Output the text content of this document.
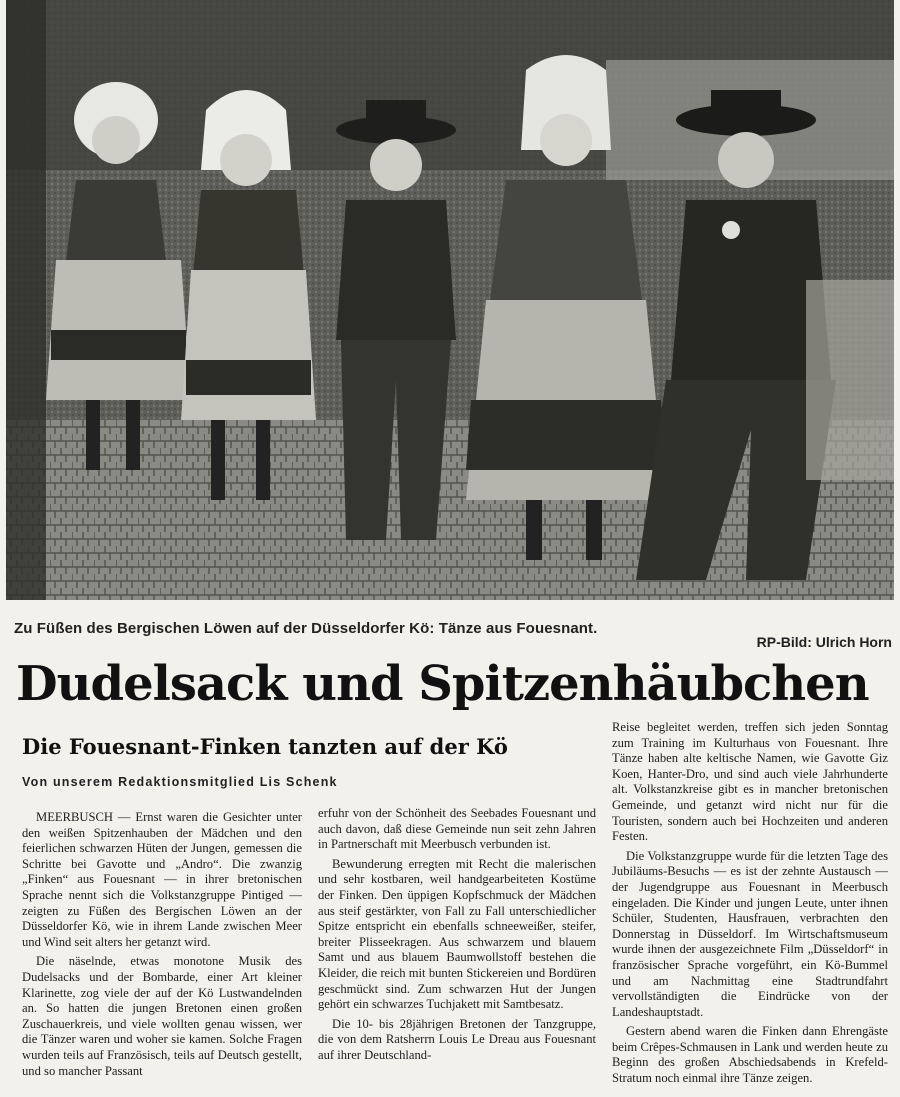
Zu Füßen des Bergischen Löwen auf der Düsseldorfer Kö: Tänze aus Fouesnant.
RP-Bild: Ulrich Horn
Dudelsack und Spitzenhäubchen
Die Fouesnant-Finken tanzten auf der Kö
Von unserem Redaktionsmitglied Lis Schenk

MEERBUSCH — Ernst waren die Gesichter unter den weißen Spitzenhauben der Mädchen und den feierlichen schwarzen Hüten der Jungen, gemessen die Schritte bei Gavotte und „Andro“. Die zwanzig „Finken“ aus Fouesnant — in ihrer bretonischen Sprache nennt sich die Volkstanzgruppe Pintiged — zeigten zu Füßen des Bergischen Löwen an der Düsseldorfer Kö, wie in ihrem Lande zwischen Meer und Wind seit alters her getanzt wird.

Die näselnde, etwas monotone Musik des Dudelsacks und der Bombarde, einer Art kleiner Klarinette, zog viele der auf der Kö Lustwandelnden an. So hatten die jungen Bretonen einen großen Zuschauerkreis, und viele wollten genau wissen, wer die Tänzer waren und woher sie kamen. Solche Fragen wurden teils auf Französisch, teils auf Deutsch gestellt, und so mancher Passant

erfuhr von der Schönheit des Seebades Fouesnant und auch davon, daß diese Gemeinde nun seit zehn Jahren in Partnerschaft mit Meerbusch verbunden ist.

Bewunderung erregten mit Recht die malerischen und sehr kostbaren, weil handgearbeiteten Kostüme der Finken. Den üppigen Kopfschmuck der Mädchen aus steif gestärkter, von Fall zu Fall unterschiedlicher Spitze entspricht ein ebenfalls schneeweißer, steifer, breiter Plisseekragen. Aus schwarzem und blauem Samt und aus blauem Baumwollstoff bestehen die Kleider, die reich mit bunten Stickereien und Bordüren geschmückt sind. Zum schwarzen Hut der Jungen gehört ein schwarzes Tuchjakett mit Samtbesatz.

Die 10- bis 28jährigen Bretonen der Tanzgruppe, die von dem Ratsherrn Louis Le Dreau aus Fouesnant auf ihrer Deutschland-

Reise begleitet werden, treffen sich jeden Sonntag zum Training im Kulturhaus von Fouesnant. Ihre Tänze haben alte keltische Namen, wie Gavotte Giz Koen, Hanter-Dro, und sind auch viele Jahrhunderte alt. Volkstanzkreise gibt es in mancher bretonischen Gemeinde, und getanzt wird nicht nur für die Touristen, sondern auch bei Hochzeiten und anderen Festen.

Die Volkstanzgruppe wurde für die letzten Tage des Jubiläums-Besuchs — es ist der zehnte Austausch — der Jugendgruppe aus Fouesnant in Meerbusch eingeladen. Die Kinder und jungen Leute, unter ihnen Schüler, Studenten, Hausfrauen, verbrachten den Donnerstag in Düsseldorf. Im Wirtschaftsmuseum wurde ihnen der ausgezeichnete Film „Düsseldorf“ in französischer Sprache vorgeführt, ein Kö-Bummel und am Nachmittag eine Stadtrundfahrt vervollständigten die Eindrücke von der Landeshauptstadt.

Gestern abend waren die Finken dann Ehrengäste beim Crêpes-Schmausen in Lank und werden heute zu Beginn des großen Abschiedsabends in Krefeld-Stratum noch einmal ihre Tänze zeigen.
